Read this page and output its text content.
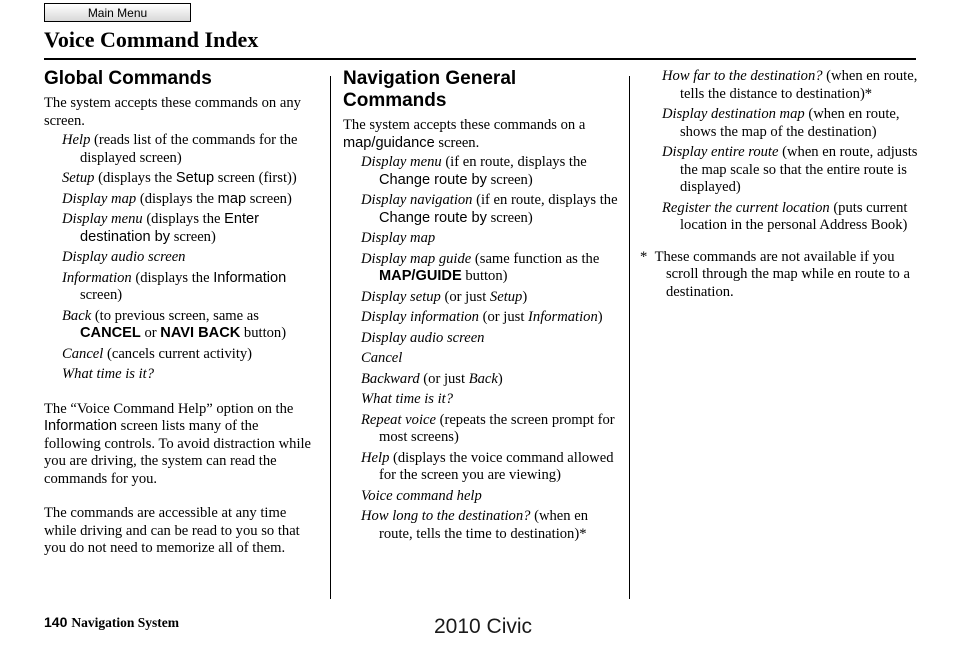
Main Menu
Voice Command Index
Global Commands

The system accepts these commands on any screen.

Help (reads list of the commands for the displayed screen)

Setup (displays the Setup screen (first))

Display map (displays the map screen)

Display menu (displays the Enter destination by screen)

Display audio screen

Information (displays the Information screen)

Back (to previous screen, same as CANCEL or NAVI BACK button)

Cancel (cancels current activity)

What time is it?

The “Voice Command Help” option on the Information screen lists many of the following controls. To avoid distraction while you are driving, the system can read the commands for you.

The commands are accessible at any time while driving and can be read to you so that you do not need to memorize all of them.

Navigation General Commands

The system accepts these commands on a map/guidance screen.

Display menu (if en route, displays the Change route by screen)

Display navigation (if en route, displays the Change route by screen)

Display map

Display map guide (same function as the MAP/GUIDE button)

Display setup (or just Setup)

Display information (or just Information)

Display audio screen

Cancel

Backward (or just Back)

What time is it?

Repeat voice (repeats the screen prompt for most screens)

Help (displays the voice command allowed for the screen you are viewing)

Voice command help

How long to the destination? (when en route, tells the time to destination)*

How far to the destination? (when en route, tells the distance to destination)*

Display destination map (when en route, shows the map of the destination)

Display entire route (when en route, adjusts the map scale so that the entire route is displayed)

Register the current location (puts current location in the personal Address Book)

*  These commands are not available if you scroll through the map while en route to a destination.

140 Navigation System	2010 Civic
